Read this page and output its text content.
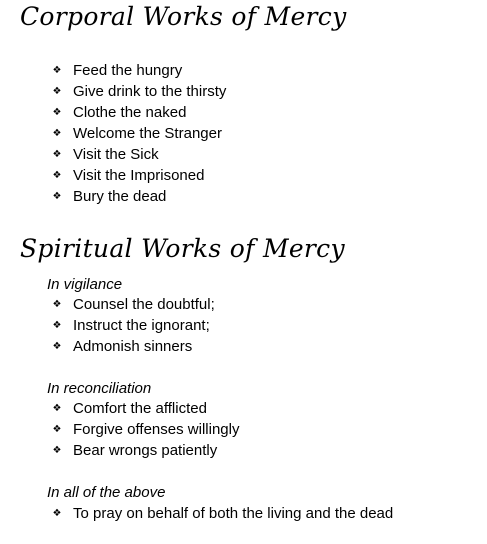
Corporal Works of Mercy
❖ Feed the hungry
❖ Give drink to the thirsty
❖ Clothe the naked
❖ Welcome the Stranger
❖ Visit the Sick
❖ Visit the Imprisoned
❖ Bury the dead
Spiritual Works of Mercy

In vigilance

❖ Counsel the doubtful;
❖ Instruct the ignorant;
❖ Admonish sinners

In reconciliation

❖ Comfort the afflicted
❖ Forgive offenses willingly
❖ Bear wrongs patiently

In all of the above

❖ To pray on behalf of both the living and the dead
